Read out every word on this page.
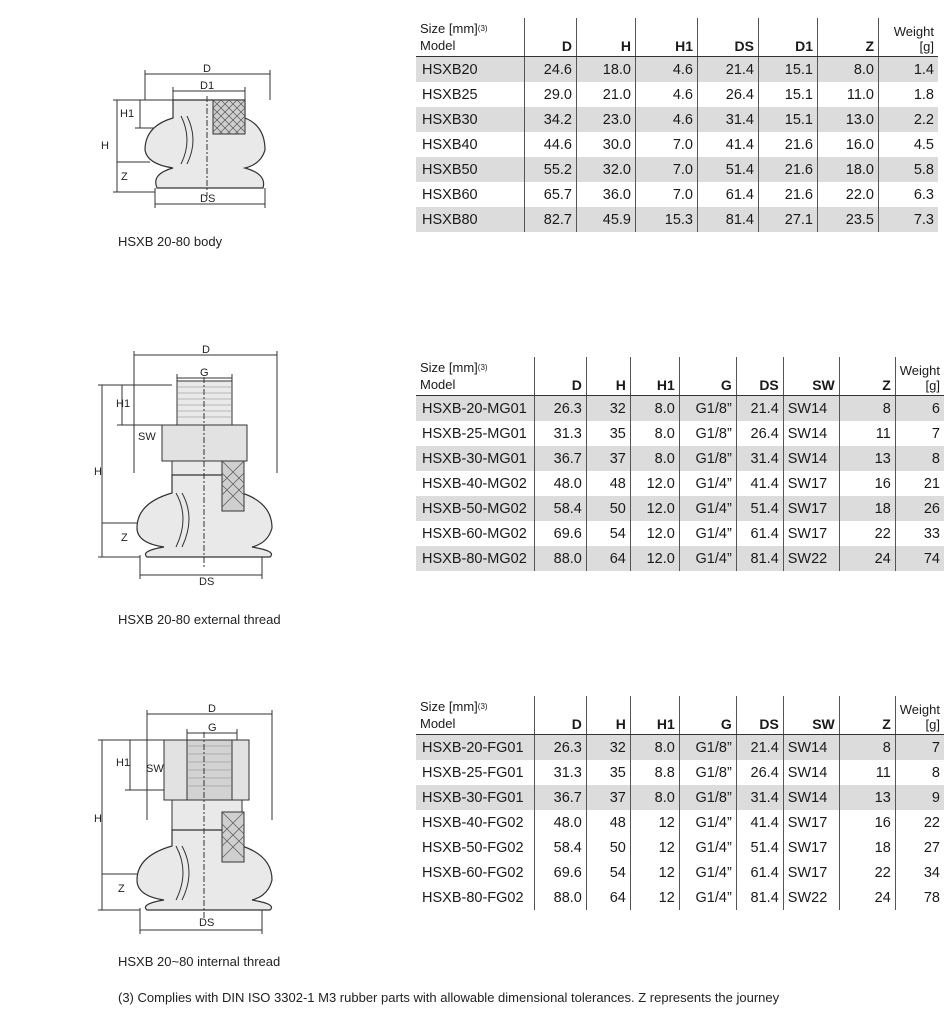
D
D1
H1
H
Z
DS
HSXB 20-80 body
Size [mm]$^{(3)}$
Model	D	H	H1	DS	D1	Z	Weight [g]
HSXB20	24.6	18.0	4.6	21.4	15.1	8.0	1.4
HSXB25	29.0	21.0	4.6	26.4	15.1	11.0	1.8
HSXB30	34.2	23.0	4.6	31.4	15.1	13.0	2.2
HSXB40	44.6	30.0	7.0	41.4	21.6	16.0	4.5
HSXB50	55.2	32.0	7.0	51.4	21.6	18.0	5.8
HSXB60	65.7	36.0	7.0	61.4	21.6	22.0	6.3
HSXB80	82.7	45.9	15.3	81.4	27.1	23.5	7.3
D
G
H1
SW
H
Z
DS
HSXB 20-80 external thread
Size [mm]$^{(3)}$
Model	D	H	H1	G	DS	SW	Z	Weight [g]
HSXB-20-MG01	26.3	32	8.0	G1/8”	21.4	SW14	8	6
HSXB-25-MG01	31.3	35	8.0	G1/8”	26.4	SW14	11	7
HSXB-30-MG01	36.7	37	8.0	G1/8”	31.4	SW14	13	8
HSXB-40-MG02	48.0	48	12.0	G1/4”	41.4	SW17	16	21
HSXB-50-MG02	58.4	50	12.0	G1/4”	51.4	SW17	18	26
HSXB-60-MG02	69.6	54	12.0	G1/4”	61.4	SW17	22	33
HSXB-80-MG02	88.0	64	12.0	G1/4”	81.4	SW22	24	74
D
G
H1 SW
H
Z
DS
HSXB 20~80 internal thread
Size [mm]$^{(3)}$
Model	D	H	H1	G	DS	SW	Z	Weight [g]
HSXB-20-FG01	26.3	32	8.0	G1/8”	21.4	SW14	8	7
HSXB-25-FG01	31.3	35	8.8	G1/8”	26.4	SW14	11	8
HSXB-30-FG01	36.7	37	8.0	G1/8”	31.4	SW14	13	9
HSXB-40-FG02	48.0	48	12	G1/4”	41.4	SW17	16	22
HSXB-50-FG02	58.4	50	12	G1/4”	51.4	SW17	18	27
HSXB-60-FG02	69.6	54	12	G1/4”	61.4	SW17	22	34
HSXB-80-FG02	88.0	64	12	G1/4”	81.4	SW22	24	78
(3) Complies with DIN ISO 3302-1 M3 rubber parts with allowable dimensional tolerances. Z represents the journey
